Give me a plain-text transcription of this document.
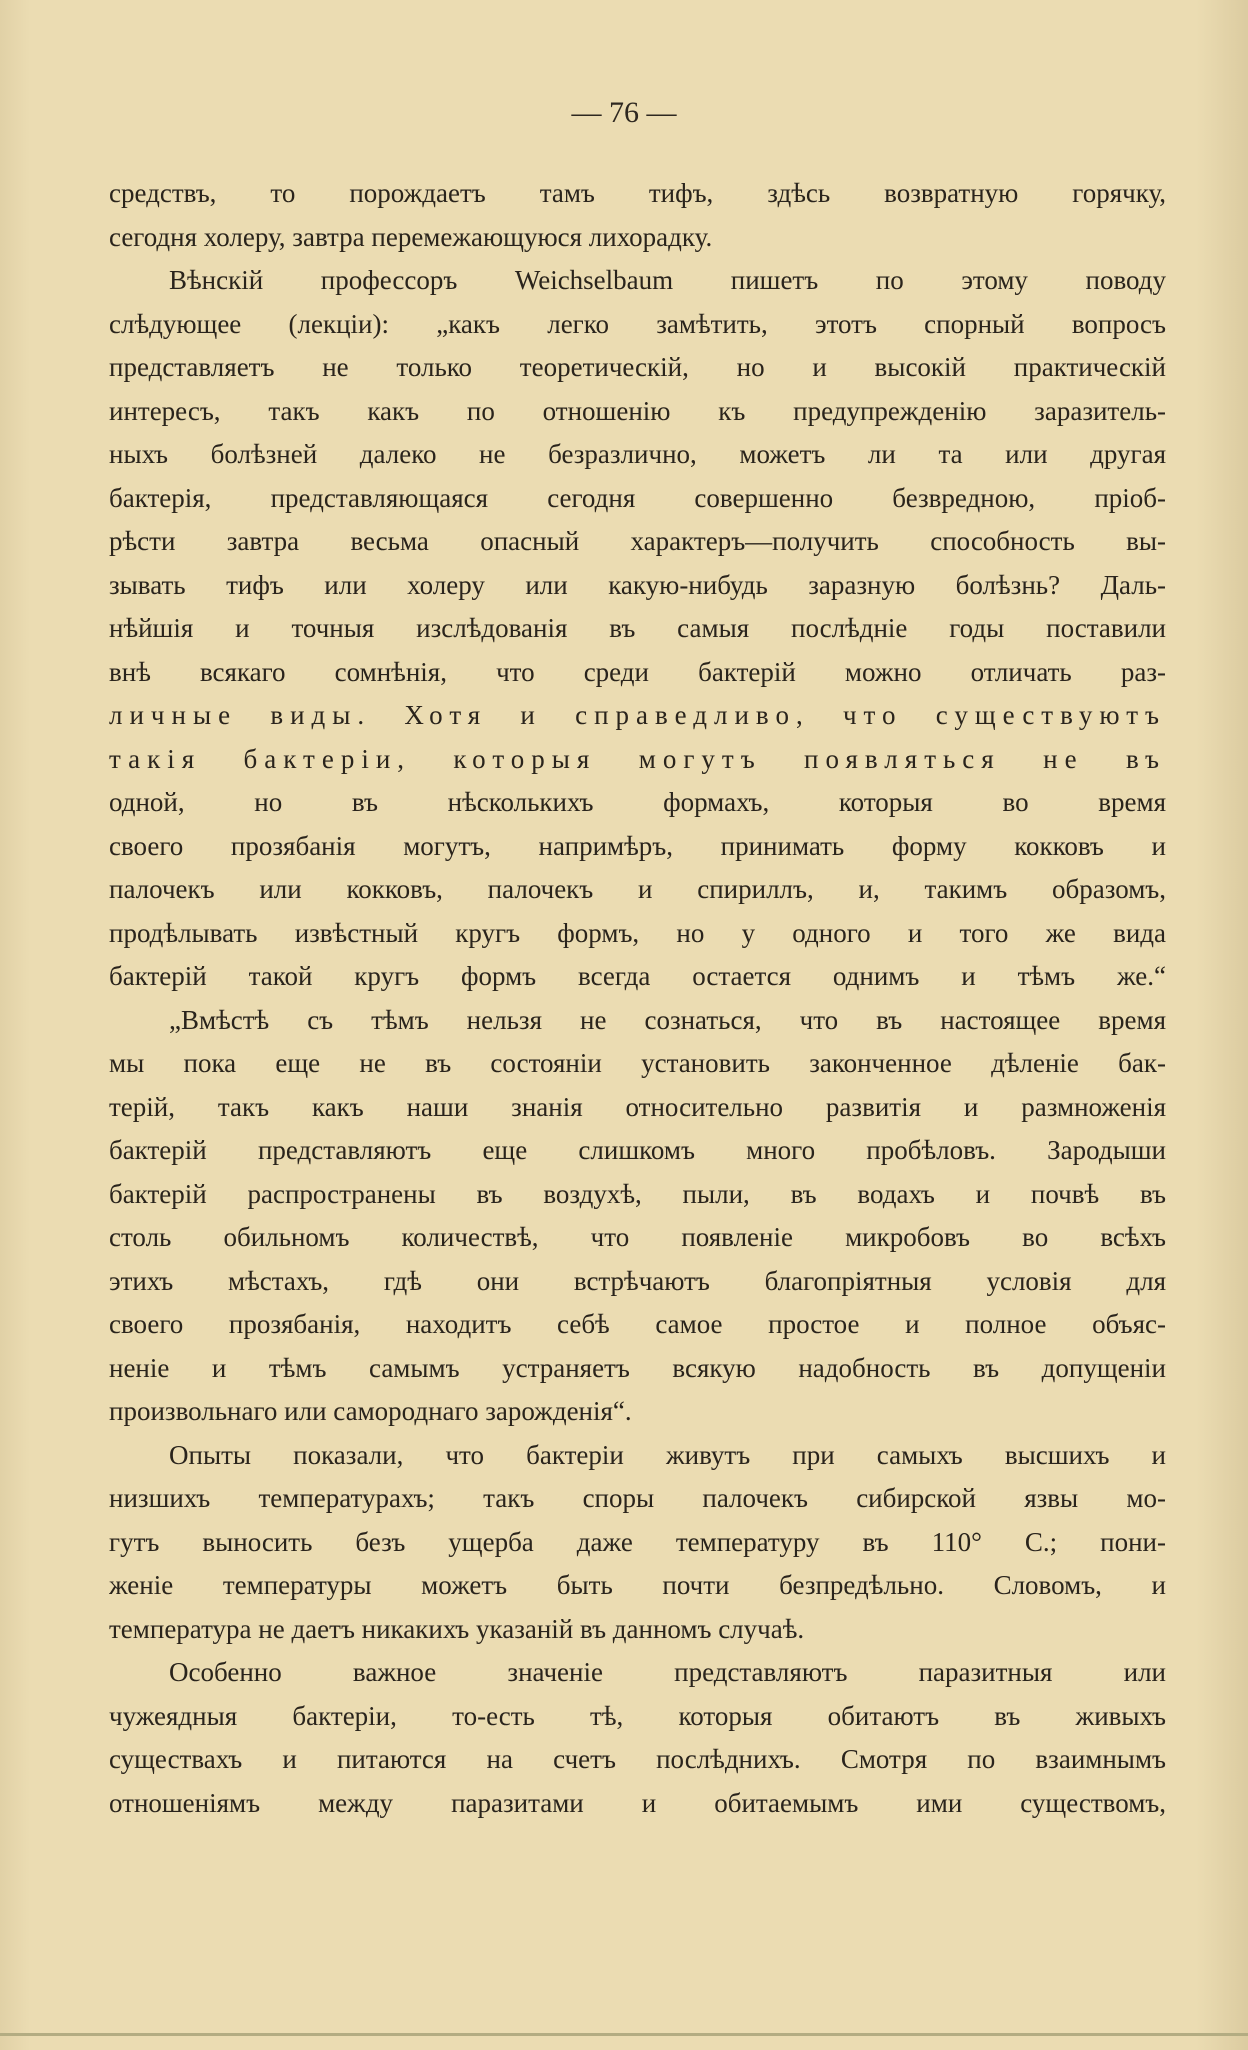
— 76 —
средствъ, то порождаетъ тамъ тифъ, здѣсь возвратную горячку,
сегодня холеру, завтра перемежающуюся лихорадку.
Вѣнскій профессоръ Weichselbaum пишетъ по этому поводу
слѣдующее (лекціи): „какъ легко замѣтить, этотъ спорный вопросъ
представляетъ не только теоретическій, но и высокій практическій
интересъ, такъ какъ по отношенію къ предупрежденію заразитель-
ныхъ болѣзней далеко не безразлично, можетъ ли та или другая
бактерія, представляющаяся сегодня совершенно безвредною, пріоб-
рѣсти завтра весьма опасный характеръ—получить способность вы-
зывать тифъ или холеру или какую-нибудь заразную болѣзнь? Даль-
нѣйшія и точныя изслѣдованія въ самыя послѣдніе годы поставили
внѣ всякаго сомнѣнія, что среди бактерій можно отличать раз-
личные виды. Хотя и справедливо, что существуютъ
такія бактеріи, которыя могутъ появляться не въ
одной, но въ нѣсколькихъ формахъ, которыя во время
своего прозябанія могутъ, напримѣръ, принимать форму кокковъ и
палочекъ или кокковъ, палочекъ и спириллъ, и, такимъ образомъ,
продѣлывать извѣстный кругъ формъ, но у одного и того же вида
бактерій такой кругъ формъ всегда остается однимъ и тѣмъ же.“
„Вмѣстѣ съ тѣмъ нельзя не сознаться, что въ настоящее время
мы пока еще не въ состояніи установить законченное дѣленіе бак-
терій, такъ какъ наши знанія относительно развитія и размноженія
бактерій представляютъ еще слишкомъ много пробѣловъ. Зародыши
бактерій распространены въ воздухѣ, пыли, въ водахъ и почвѣ въ
столь обильномъ количествѣ, что появленіе микробовъ во всѣхъ
этихъ мѣстахъ, гдѣ они встрѣчаютъ благопріятныя условія для
своего прозябанія, находитъ себѣ самое простое и полное объяс-
неніе и тѣмъ самымъ устраняетъ всякую надобность въ допущеніи
произвольнаго или самороднаго зарожденія“.
Опыты показали, что бактеріи живутъ при самыхъ высшихъ и
низшихъ температурахъ; такъ споры палочекъ сибирской язвы мо-
гутъ выносить безъ ущерба даже температуру въ 110° С.; пони-
женіе температуры можетъ быть почти безпредѣльно. Словомъ, и
температура не даетъ никакихъ указаній въ данномъ случаѣ.
Особенно важное значеніе представляютъ паразитныя или
чужеядныя бактеріи, то-есть тѣ, которыя обитаютъ въ живыхъ
существахъ и питаются на счетъ послѣднихъ. Смотря по взаимнымъ
отношеніямъ между паразитами и обитаемымъ ими существомъ,
